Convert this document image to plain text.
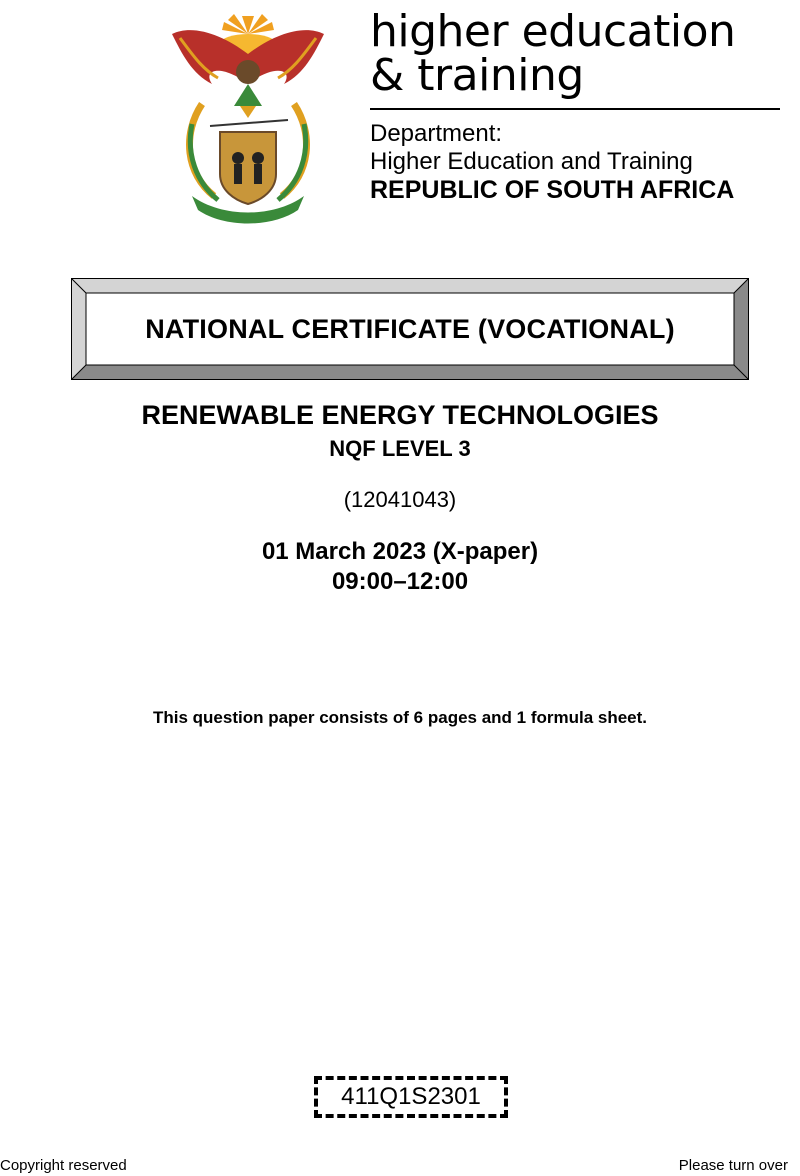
higher education
& training
Department:
Higher Education and Training
REPUBLIC OF SOUTH AFRICA
NATIONAL CERTIFICATE (VOCATIONAL)
RENEWABLE ENERGY TECHNOLOGIES
NQF LEVEL 3
(12041043)
01 March 2023 (X-paper)
09:00–12:00
This question paper consists of 6 pages and 1 formula sheet.
411Q1S2301
Copyright reserved	Please turn over
